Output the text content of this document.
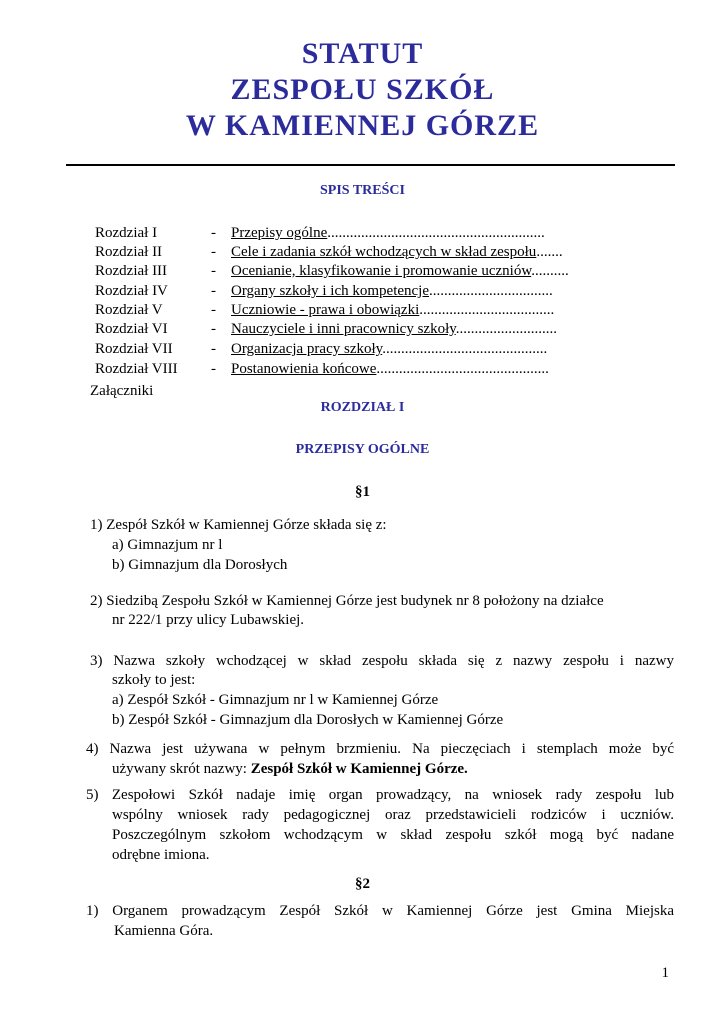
STATUT
ZESPOŁU SZKÓŁ
W KAMIENNEJ GÓRZE
SPIS TREŚCI
Rozdział I	- Przepisy ogólne..........................................................
Rozdział II	- Cele i zadania szkół wchodzących w skład zespołu.......
Rozdział III	- Ocenianie, klasyfikowanie i promowanie uczniów..........
Rozdział IV	- Organy szkoły i ich kompetencje.................................
Rozdział V	- Uczniowie - prawa i obowiązki....................................
Rozdział VI	- Nauczyciele i inni pracownicy szkoły...........................
Rozdział VII	- Organizacja pracy szkoły............................................
Rozdział VIII - Postanowienia końcowe..............................................
Załączniki
ROZDZIAŁ I
PRZEPISY OGÓLNE
§1

1) Zespół Szkół w Kamiennej Górze składa się z:

a) Gimnazjum nr l

b) Gimnazjum dla Dorosłych

2) Siedzibą Zespołu Szkół w Kamiennej Górze jest budynek nr 8 położony na działce

nr 222/1 przy ulicy Lubawskiej.

3) Nazwa szkoły wchodzącej w skład zespołu składa się z nazwy zespołu i nazwy

szkoły to jest:

a) Zespół Szkół - Gimnazjum nr l w Kamiennej Górze

b) Zespół Szkół - Gimnazjum dla Dorosłych w Kamiennej Górze

4) Nazwa jest używana w pełnym brzmieniu. Na pieczęciach i stemplach może być

używany skrót nazwy: Zespół Szkół w Kamiennej Górze.

5) Zespołowi Szkół nadaje imię organ prowadzący, na wniosek rady zespołu lub

wspólny wniosek rady pedagogicznej oraz przedstawicieli rodziców i uczniów.

Poszczególnym szkołom wchodzącym w skład zespołu szkół mogą być nadane

odrębne imiona.

§2

1) Organem prowadzącym Zespół Szkół w Kamiennej Górze jest Gmina Miejska

Kamienna Góra.

1
